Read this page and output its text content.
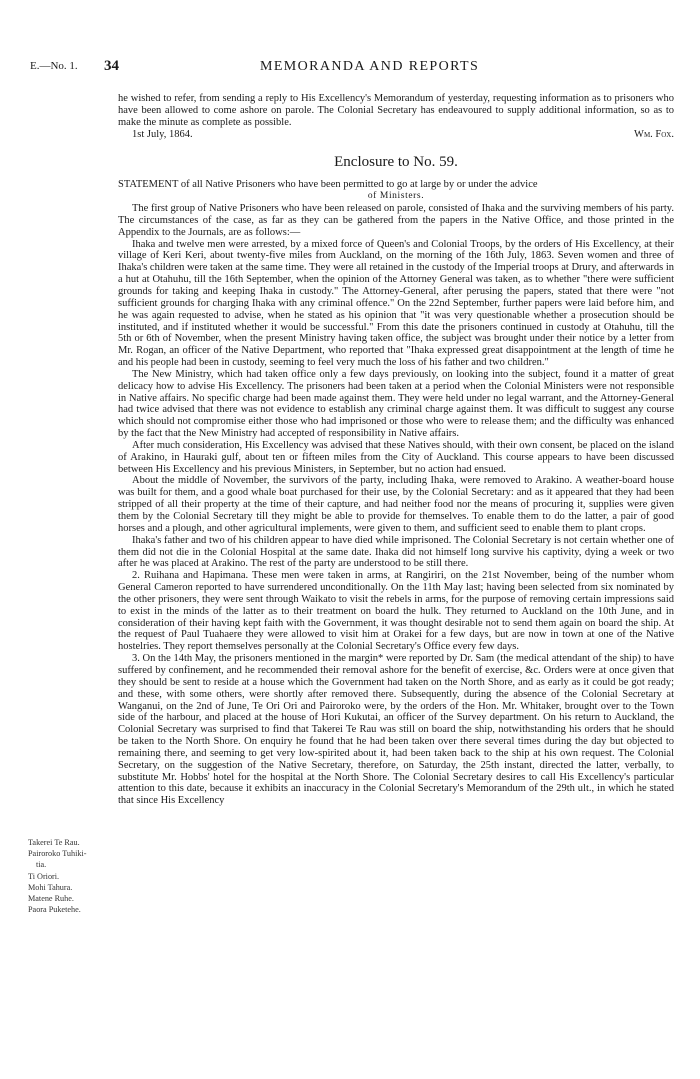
E.—No. 1. 34	MEMORANDA AND REPORTS
Takerei Te Rau.
Pairoroko Tuhiki-
tia.
Ti Oriori.
Mohi Tahura.
Matene Ruhe.
Paora Puketehe.

he wished to refer, from sending a reply to His Excellency's Memorandum of yesterday, requesting information as to prisoners who have been allowed to come ashore on parole. The Colonial Secretary has endeavoured to supply additional information, so as to make the minute as complete as possible.

1st July, 1864.	Wm. Fox.
Enclosure to No. 59.

STATEMENT of all Native Prisoners who have been permitted to go at large by or under the advice
of Ministers.

The first group of Native Prisoners who have been released on parole, consisted of Ihaka and the surviving members of his party. The circumstances of the case, as far as they can be gathered from the papers in the Native Office, and those printed in the Appendix to the Journals, are as follows:—

Ihaka and twelve men were arrested, by a mixed force of Queen's and Colonial Troops, by the orders of His Excellency, at their village of Keri Keri, about twenty-five miles from Auckland, on the morning of the 16th July, 1863. Seven women and three of Ihaka's children were taken at the same time. They were all retained in the custody of the Imperial troops at Drury, and afterwards in a hut at Otahuhu, till the 16th September, when the opinion of the Attorney General was taken, as to whether "there were sufficient grounds for taking and keeping Ihaka in custody." The Attorney-General, after perusing the papers, stated that there were "not sufficient grounds for charging Ihaka with any criminal offence." On the 22nd September, further papers were laid before him, and he was again requested to advise, when he stated as his opinion that "it was very questionable whether a prosecution should be instituted, and if instituted whether it would be successful." From this date the prisoners continued in custody at Otahuhu, till the 5th or 6th of November, when the present Ministry having taken office, the subject was brought under their notice by a letter from Mr. Rogan, an officer of the Native Department, who reported that "Ihaka expressed great disappointment at the length of time he and his people had been in custody, seeming to feel very much the loss of his father and two children."

The New Ministry, which had taken office only a few days previously, on looking into the subject, found it a matter of great delicacy how to advise His Excellency. The prisoners had been taken at a period when the Colonial Ministers were not responsible in Native affairs. No specific charge had been made against them. They were held under no legal warrant, and the Attorney-General had twice advised that there was not evidence to establish any criminal charge against them. It was difficult to suggest any course which should not compromise either those who had imprisoned or those who were to release them; and the difficulty was enhanced by the fact that the New Ministry had accepted of responsibility in Native affairs.

After much consideration, His Excellency was advised that these Natives should, with their own consent, be placed on the island of Arakino, in Hauraki gulf, about ten or fifteen miles from the City of Auckland. This course appears to have been discussed between His Excellency and his previous Ministers, in September, but no action had ensued.

About the middle of November, the survivors of the party, including Ihaka, were removed to Arakino. A weather-board house was built for them, and a good whale boat purchased for their use, by the Colonial Secretary: and as it appeared that they had been stripped of all their property at the time of their capture, and had neither food nor the means of procuring it, supplies were given them by the Colonial Secretary till they might be able to provide for themselves. To enable them to do the latter, a pair of good horses and a plough, and other agricultural implements, were given to them, and sufficient seed to enable them to plant crops.

Ihaka's father and two of his children appear to have died while imprisoned. The Colonial Secretary is not certain whether one of them did not die in the Colonial Hospital at the same date. Ihaka did not himself long survive his captivity, dying a week or two after he was placed at Arakino. The rest of the party are understood to be still there.

2. Ruihana and Hapimana. These men were taken in arms, at Rangiriri, on the 21st November, being of the number whom General Cameron reported to have surrendered unconditionally. On the 11th May last; having been selected from six nominated by the other prisoners, they were sent through Waikato to visit the rebels in arms, for the purpose of removing certain impressions said to exist in the minds of the latter as to their treatment on board the hulk. They returned to Auckland on the 10th June, and in consideration of their having kept faith with the Government, it was thought desirable not to send them again on board the ship. At the request of Paul Tuahaere they were allowed to visit him at Orakei for a few days, but are now in town at one of the Native hostelries. They report themselves personally at the Colonial Secretary's Office every few days.

3. On the 14th May, the prisoners mentioned in the margin* were reported by Dr. Sam (the medical attendant of the ship) to have suffered by confinement, and he recommended their removal ashore for the benefit of exercise, &c. Orders were at once given that they should be sent to reside at a house which the Government had taken on the North Shore, and as early as it could be got ready; and these, with some others, were shortly after removed there. Subsequently, during the absence of the Colonial Secretary at Wanganui, on the 2nd of June, Te Ori Ori and Pairoroko were, by the orders of the Hon. Mr. Whitaker, brought over to the Town side of the harbour, and placed at the house of Hori Kukutai, an officer of the Survey department. On his return to Auckland, the Colonial Secretary was surprised to find that Takerei Te Rau was still on board the ship, notwithstanding his orders that he should be taken to the North Shore. On enquiry he found that he had been taken over there several times during the day but objected to remaining there, and seeming to get very low-spirited about it, had been taken back to the ship at his own request. The Colonial Secretary, on the suggestion of the Native Secretary, therefore, on Saturday, the 25th instant, directed the latter, verbally, to substitute Mr. Hobbs' hotel for the hospital at the North Shore. The Colonial Secretary desires to call His Excellency's particular attention to this date, because it exhibits an inaccuracy in the Colonial Secretary's Memorandum of the 29th ult., in which he stated that since His Excellency
